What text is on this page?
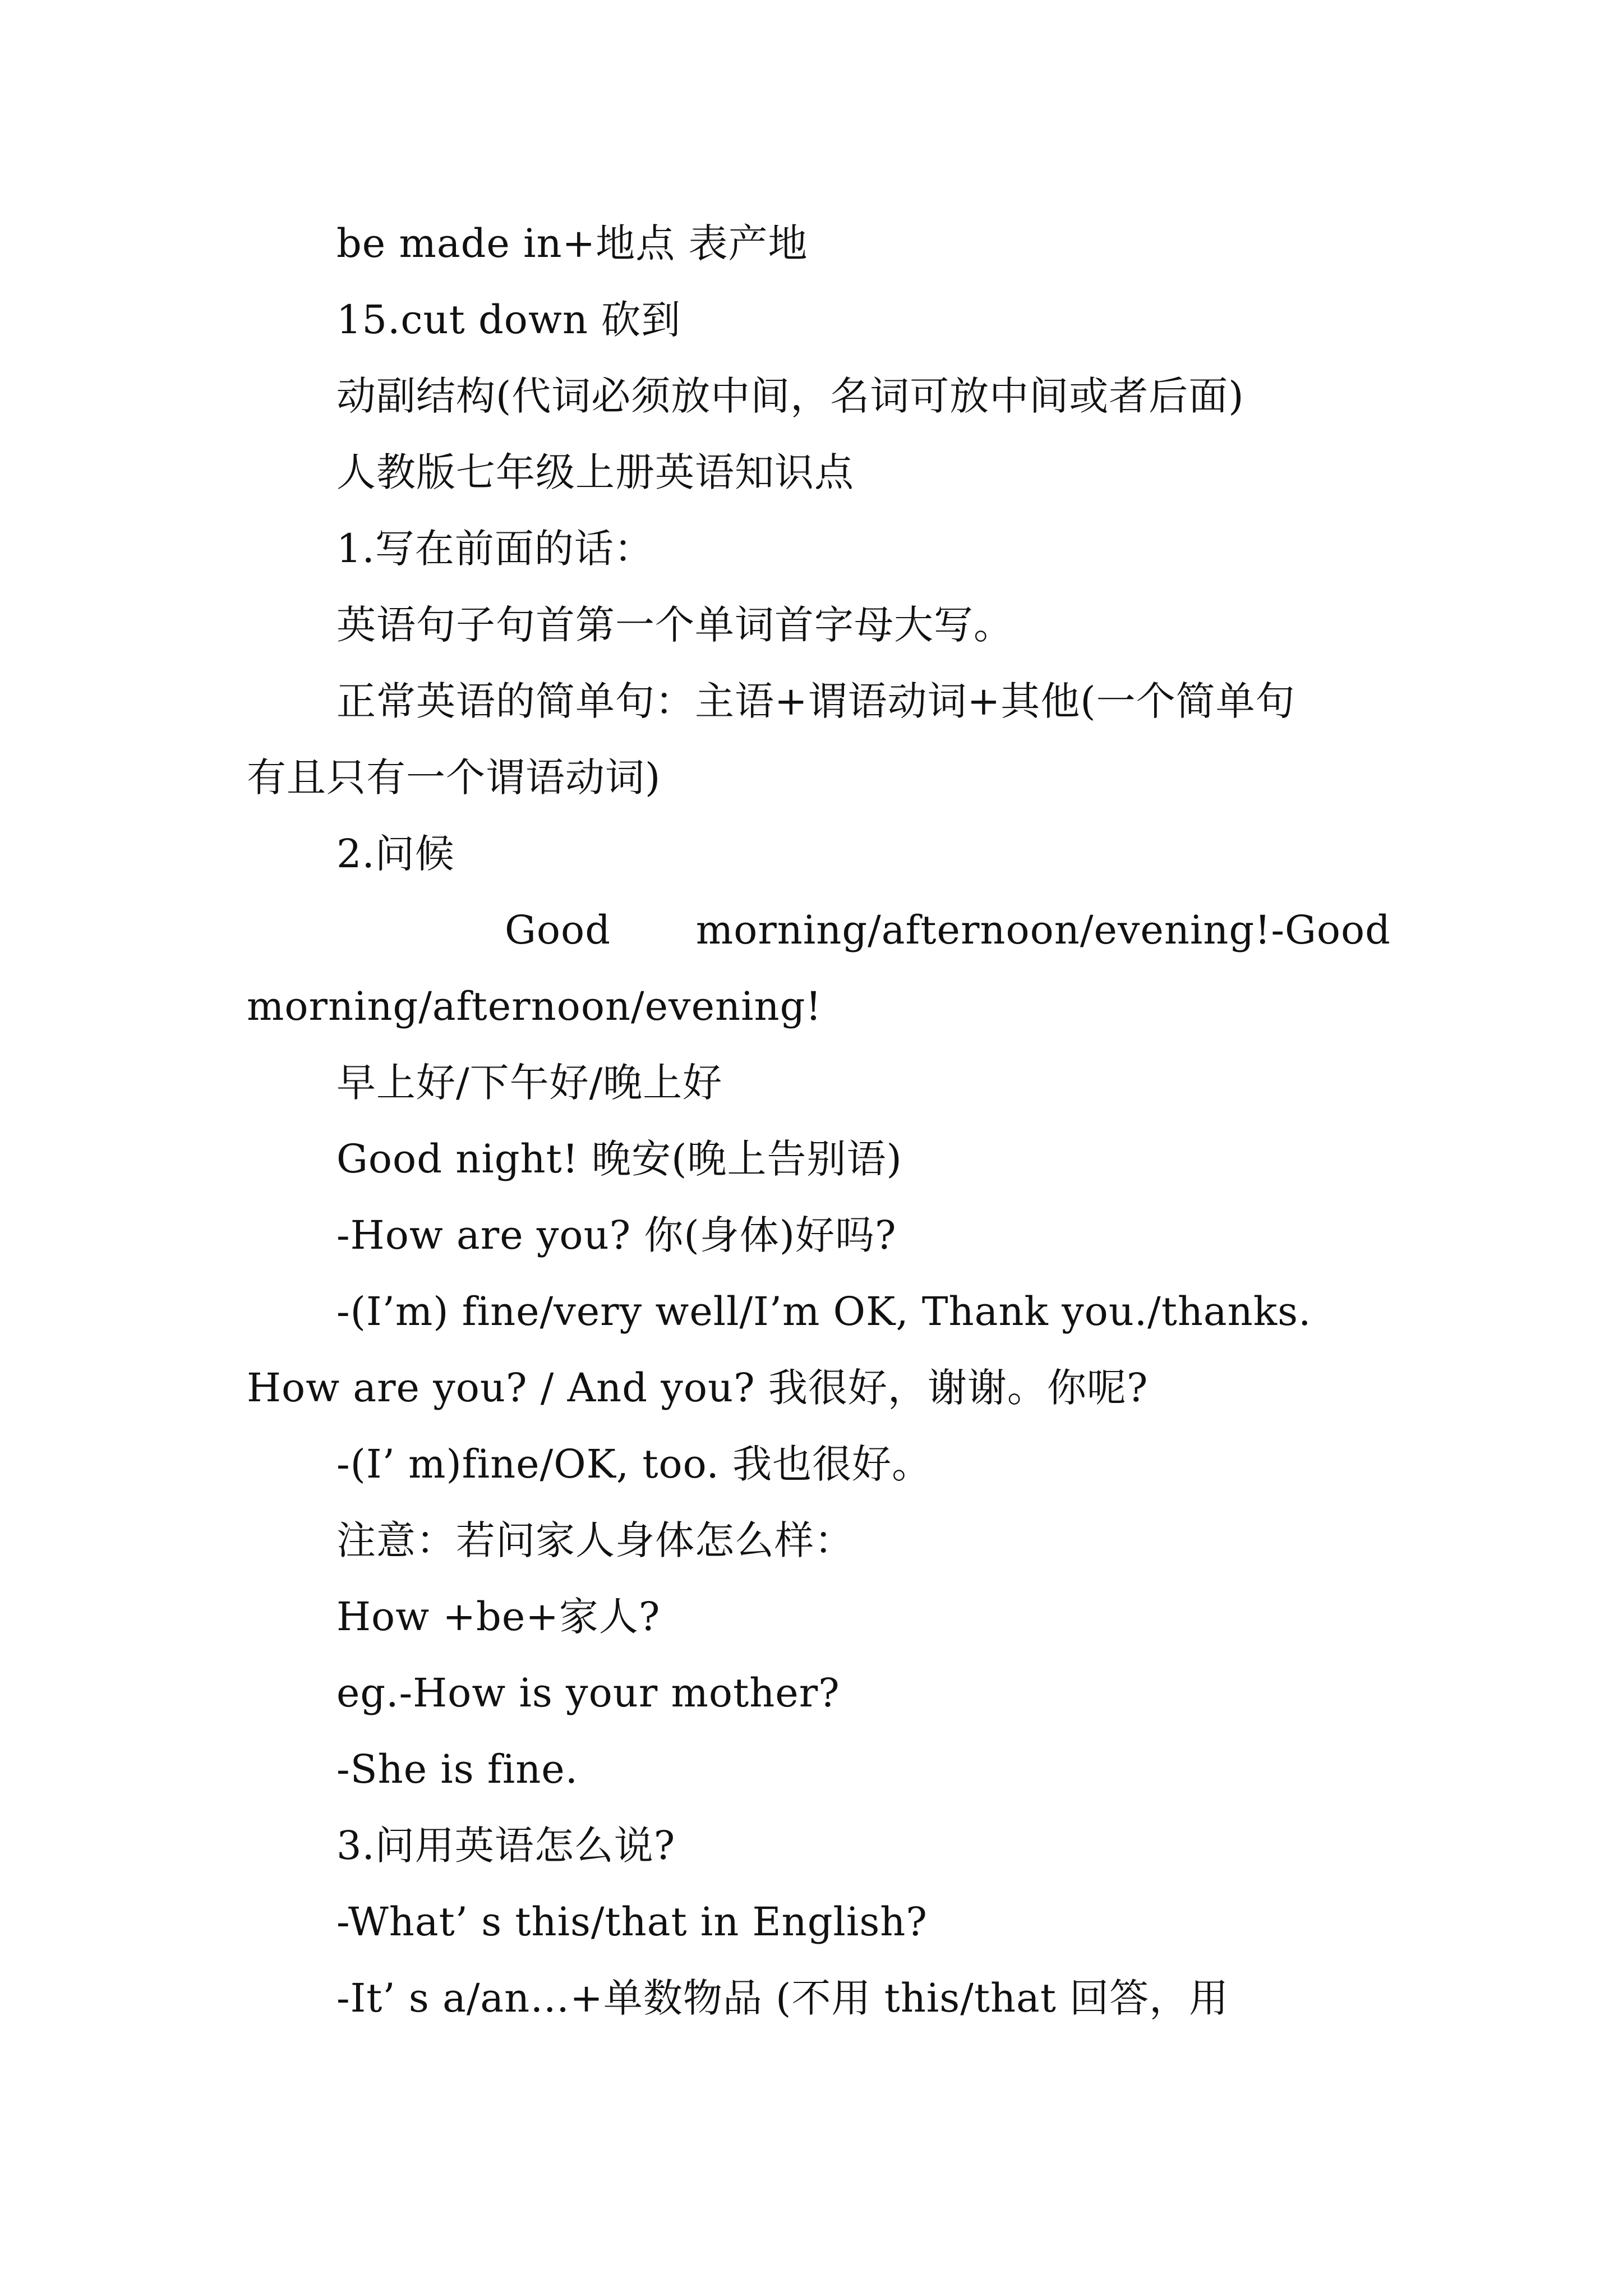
be made in+地点 表产地
15.cut down 砍到
动副结构(代词必须放中间，名词可放中间或者后面)
人教版七年级上册英语知识点
1.写在前面的话：
英语句子句首第一个单词首字母大写。
正常英语的简单句：主语+谓语动词+其他(一个简单句
有且只有一个谓语动词)
2.问候
Good morning/afternoon/evening!-Good
morning/afternoon/evening!
早上好/下午好/晚上好
Good night! 晚安(晚上告别语)
-How are you? 你(身体)好吗?
-(I’m) fine/very well/I’m OK, Thank you./thanks.
How are you? / And you? 我很好，谢谢。你呢?
-(I’ m)fine/OK, too. 我也很好。
注意：若问家人身体怎么样：
How +be+家人?
eg.-How is your mother?
-She is fine.
3.问用英语怎么说?
-What’ s this/that in English?
-It’ s a/an…+单数物品 (不用 this/that 回答，用
